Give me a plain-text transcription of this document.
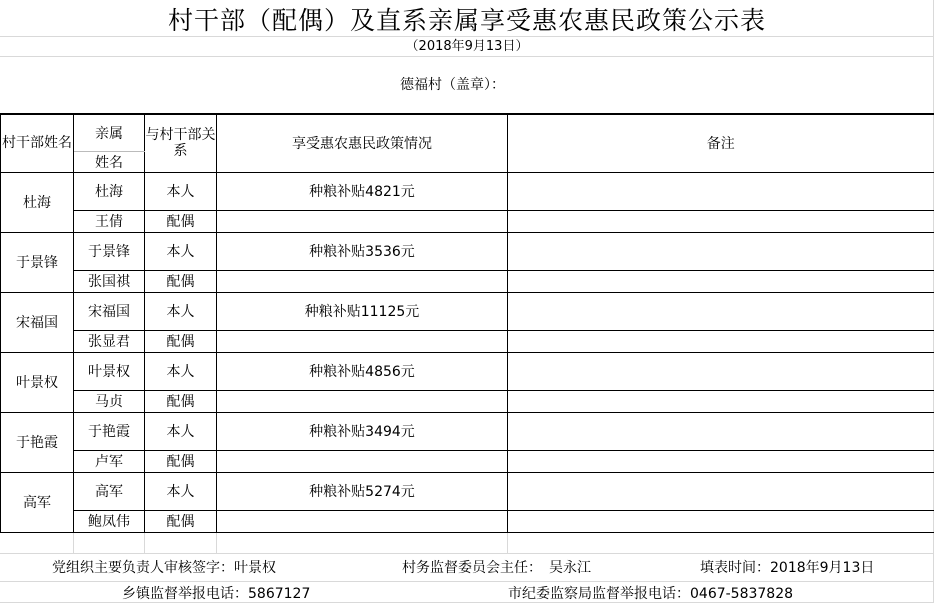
村干部（配偶）及直系亲属享受惠农惠民政策公示表
（2018年9月13日）
德福村（盖章）：
村干部姓名	亲属	与村干部关系	享受惠农惠民政策情况	备注
	姓名			
杜海	杜海	本人	种粮补贴4821元	
	王倩	配偶		
于景锋	于景锋	本人	种粮补贴3536元	
	张国祺	配偶		
宋福国	宋福国	本人	种粮补贴11125元	
	张显君	配偶		
叶景权	叶景权	本人	种粮补贴4856元	
	马贞	配偶		
于艳霞	于艳霞	本人	种粮补贴3494元	
	卢军	配偶		
高军	高军	本人	种粮补贴5274元	
	鲍凤伟	配偶		
党组织主要负责人审核签字：叶景权	村务监督委员会主任：　吴永江	填表时间：2018年9月13日
乡镇监督举报电话：5867127	市纪委监察局监督举报电话：0467-5837828
